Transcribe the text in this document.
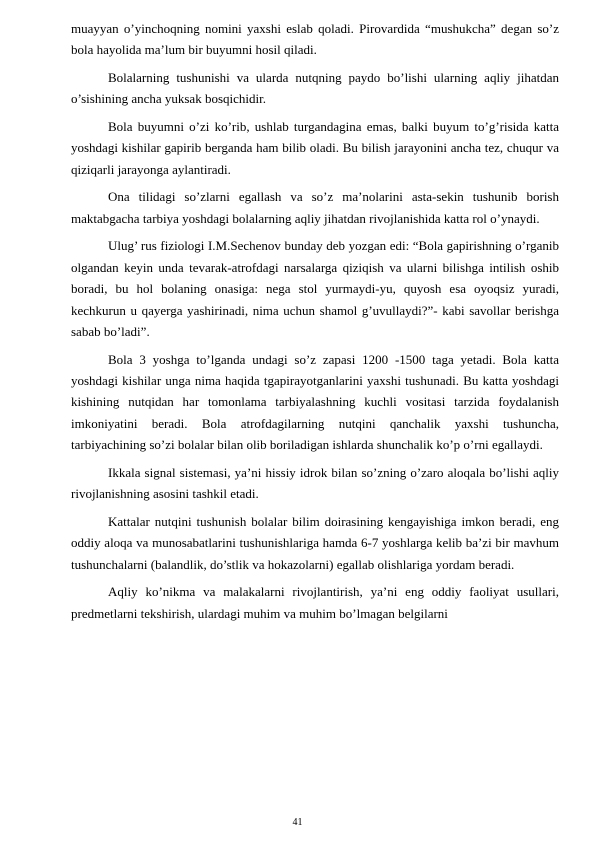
muayyan o’yinchoqning nomini yaxshi eslab qoladi. Pirovardida “mushukcha” degan so’z bola hayolida ma’lum bir buyumni hosil qiladi.

Bolalarning tushunishi va ularda nutqning paydo bo’lishi ularning aqliy jihatdan o’sishining ancha yuksak bosqichidir.

Bola buyumni o’zi ko’rib, ushlab turgandagina emas, balki buyum to’g’risida katta yoshdagi kishilar gapirib berganda ham bilib oladi. Bu bilish jarayonini ancha tez, chuqur va qiziqarli jarayonga aylantiradi.

Ona tilidagi so’zlarni egallash va so’z ma’nolarini asta-sekin tushunib borish maktabgacha tarbiya yoshdagi bolalarning aqliy jihatdan rivojlanishida katta rol o’ynaydi.

Ulug’ rus fiziologi I.M.Sechenov bunday deb yozgan edi: “Bola gapirishning o’rganib olgandan keyin unda tevarak-atrofdagi narsalarga qiziqish va ularni bilishga intilish oshib boradi, bu hol bolaning onasiga: nega stol yurmaydi-yu, quyosh esa oyoqsiz yuradi, kechkurun u qayerga yashirinadi, nima uchun shamol g’uvullaydi?”- kabi savollar berishga sabab bo’ladi”.

Bola 3 yoshga to’lganda undagi so’z zapasi 1200 -1500 taga yetadi. Bola katta yoshdagi kishilar unga nima haqida tgapirayotganlarini yaxshi tushunadi. Bu katta yoshdagi kishining nutqidan har tomonlama tarbiyalashning kuchli vositasi tarzida foydalanish imkoniyatini beradi. Bola atrofdagilarning nutqini qanchalik yaxshi tushuncha, tarbiyachining so’zi bolalar bilan olib boriladigan ishlarda shunchalik ko’p o’rni egallaydi.

Ikkala signal sistemasi, ya’ni hissiy idrok bilan so’zning o’zaro aloqala bo’lishi aqliy rivojlanishning asosini tashkil etadi.

Kattalar nutqini tushunish bolalar bilim doirasining kengayishiga imkon beradi, eng oddiy aloqa va munosabatlarini tushunishlariga hamda 6-7 yoshlarga kelib ba’zi bir mavhum tushunchalarni (balandlik, do’stlik va hokazolarni) egallab olishlariga yordam beradi.

Aqliy ko’nikma va malakalarni rivojlantirish, ya’ni eng oddiy faoliyat usullari, predmetlarni tekshirish, ulardagi muhim va muhim bo’lmagan belgilarni

41
